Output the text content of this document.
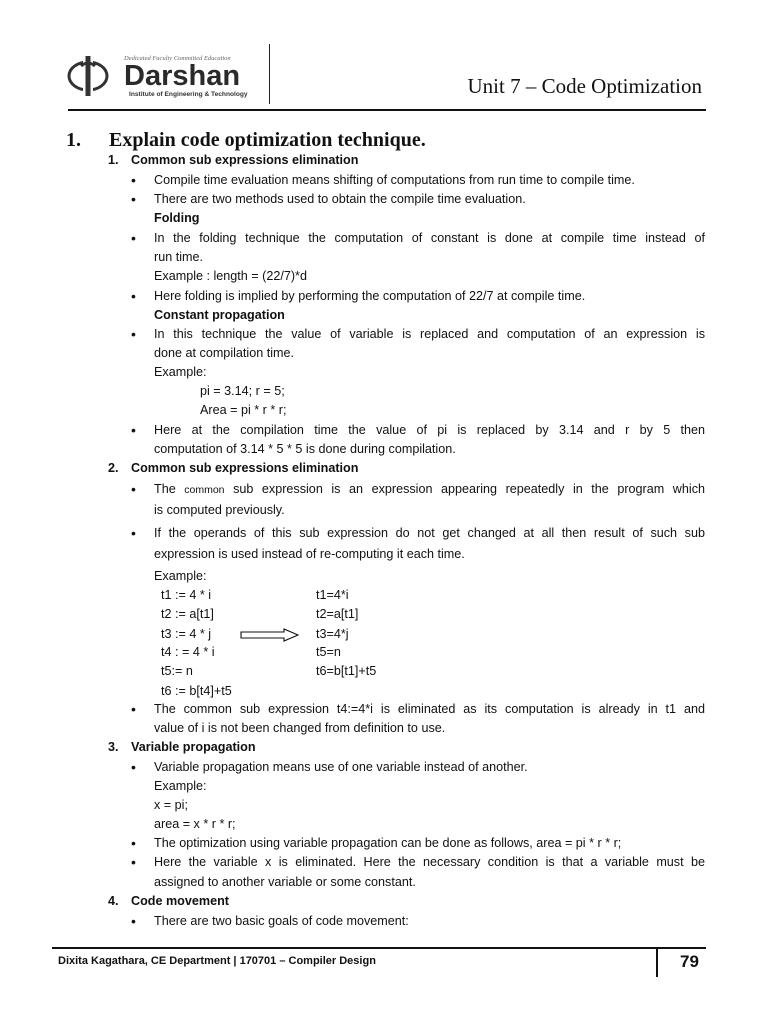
Dedicated Faculty Committed Education
Darshan
Institute of Engineering & Technology	Unit 7 – Code Optimization
1. Explain code optimization technique.
1. Common sub expressions elimination
• Compile time evaluation means shifting of computations from run time to compile time.
• There are two methods used to obtain the compile time evaluation.
Folding
• In the folding technique the computation of constant is done at compile time instead of
run time.
Example : length = (22/7)*d
• Here folding is implied by performing the computation of 22/7 at compile time.
Constant propagation
• In this technique the value of variable is replaced and computation of an expression is
done at compilation time.
Example:
pi = 3.14; r = 5;
Area = pi * r * r;
• Here at the compilation time the value of pi is replaced by 3.14 and r by 5 then
computation of 3.14 * 5 * 5 is done during compilation.
2. Common sub expressions elimination
• The common sub expression is an expression appearing repeatedly in the program which
is computed previously.
• If the operands of this sub expression do not get changed at all then result of such sub
expression is used instead of re-computing it each time.
Example:
t1 := 4 * i
t2 := a[t1]
t3 := 4 * j
t4 : = 4 * i
t5:= n
t6 := b[t4]+t5
t1=4*i
t2=a[t1]
t3=4*j
t5=n
t6=b[t1]+t5
• The common sub expression t4:=4*i is eliminated as its computation is already in t1 and
value of i is not been changed from definition to use.
3. Variable propagation
• Variable propagation means use of one variable instead of another.
Example:
x = pi;
area = x * r * r;
• The optimization using variable propagation can be done as follows, area = pi * r * r;
• Here the variable x is eliminated. Here the necessary condition is that a variable must be
assigned to another variable or some constant.
4. Code movement
• There are two basic goals of code movement:
Dixita Kagathara, CE Department | 170701 – Compiler Design	79
